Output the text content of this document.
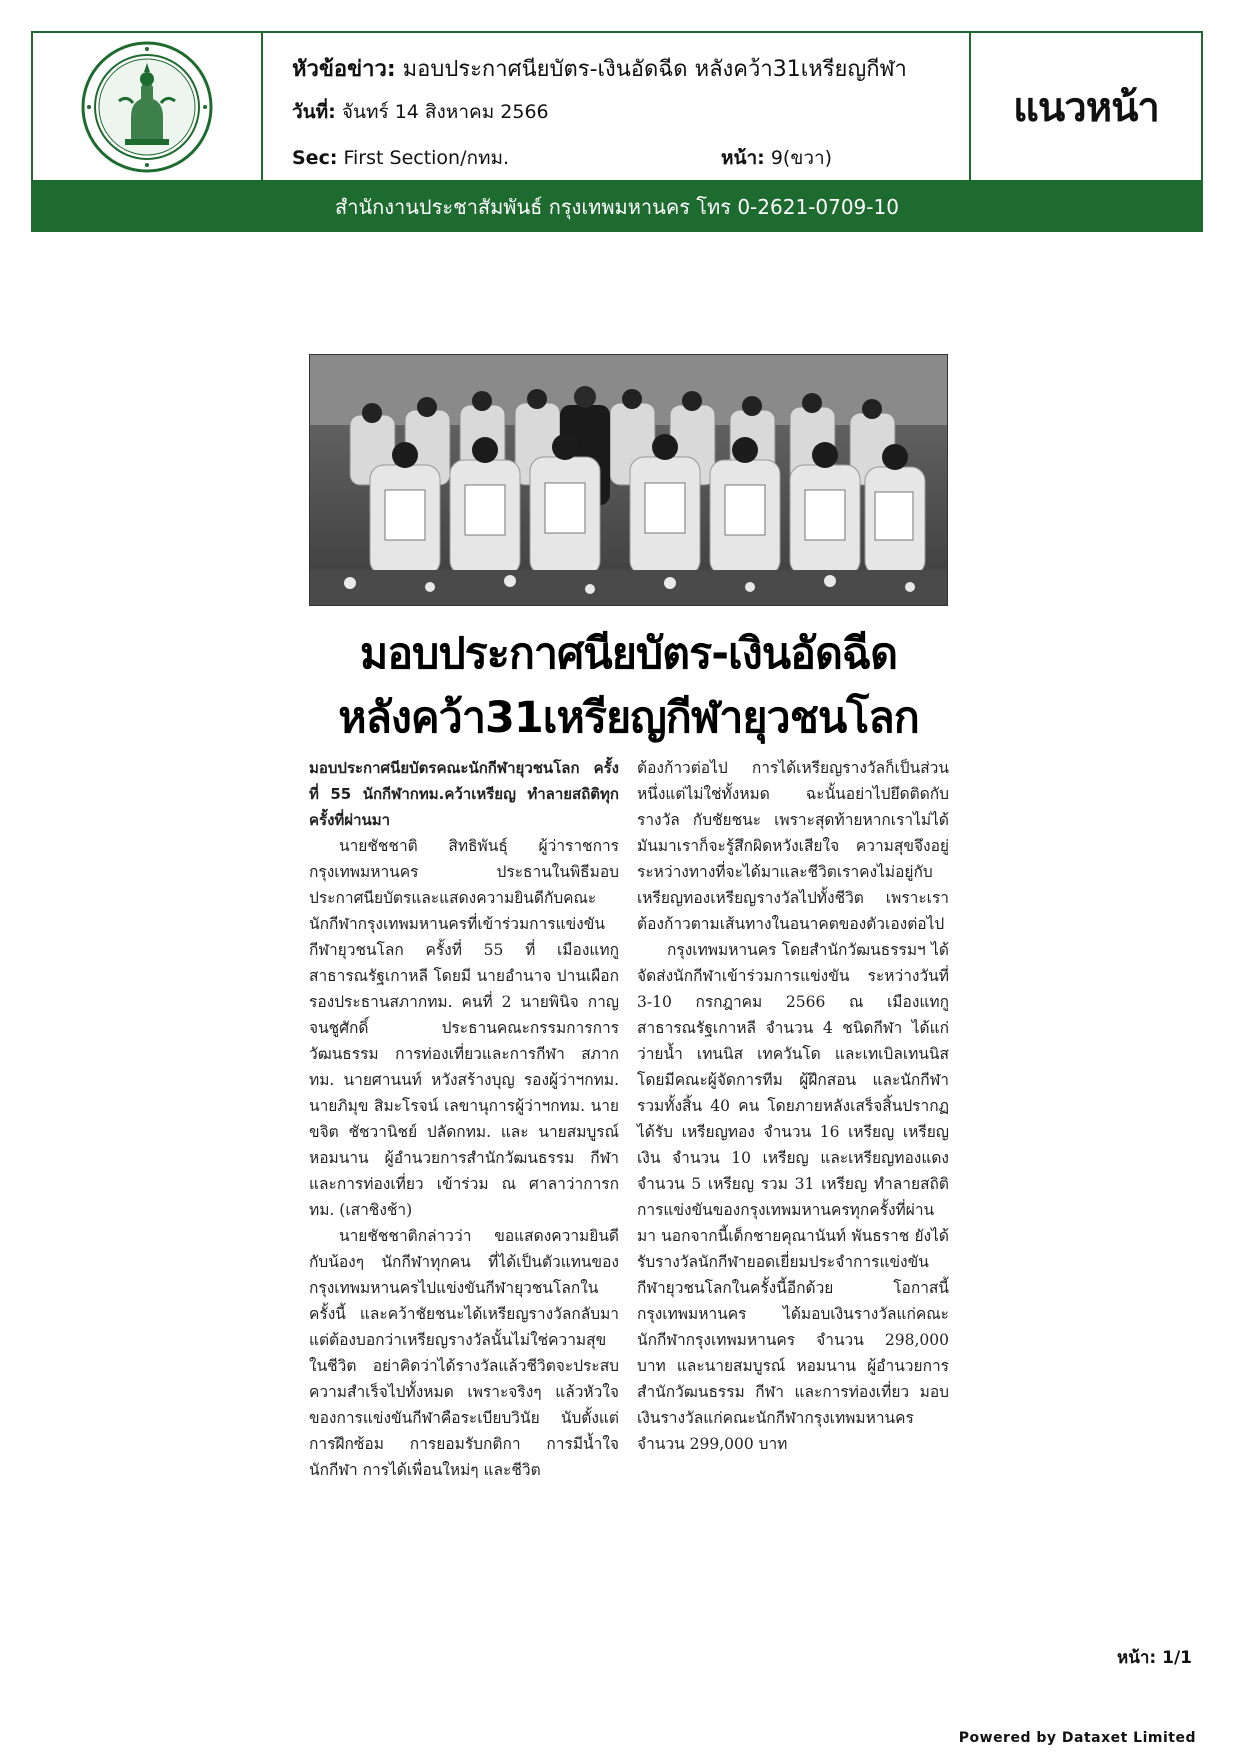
หัวข้อข่าว: มอบประกาศนียบัตร-เงินอัดฉีด หลังคว้า31เหรียญกีฬา
วันที่: จันทร์ 14 สิงหาคม 2566
Sec: First Section/กทม.	หน้า: 9(ขวา)
แนวหน้า
สำนักงานประชาสัมพันธ์ กรุงเทพมหานคร โทร 0-2621-0709-10
มอบประกาศนียบัตร-เงินอัดฉีด
หลังคว้า31เหรียญกีฬายุวชนโลก

มอบประกาศนียบัตรคณะนักกีฬายุวชนโลก ครั้งที่ 55 นักกีฬากทม.คว้าเหรียญ ทำลายสถิติทุกครั้งที่ผ่านมา

นายชัชชาติ สิทธิพันธุ์ ผู้ว่าราชการกรุงเทพมหานคร ประธานในพิธีมอบประกาศนียบัตรและแสดงความยินดีกับคณะนักกีฬากรุงเทพมหานครที่เข้าร่วมการแข่งขันกีฬายุวชนโลก ครั้งที่ 55 ที่ เมืองแทกู สาธารณรัฐเกาหลี โดยมี นายอำนาจ ปานเผือก รองประธานสภากทม. คนที่ 2 นายพินิจ กาญจนชูศักดิ์ ประธานคณะกรรมการการวัฒนธรรม การท่องเที่ยวและการกีฬา สภากทม. นายศานนท์ หวังสร้างบุญ รองผู้ว่าฯกทม. นายภิมุข สิมะโรจน์ เลขานุการผู้ว่าฯกทม. นายขจิต ชัชวานิชย์ ปลัดกทม. และ นายสมบูรณ์ หอมนาน ผู้อำนวยการสำนักวัฒนธรรม กีฬา และการท่องเที่ยว เข้าร่วม ณ ศาลาว่าการกทม. (เสาชิงช้า)

นายชัชชาติกล่าวว่า ขอแสดงความยินดีกับน้องๆ นักกีฬาทุกคน ที่ได้เป็นตัวแทนของกรุงเทพมหานครไปแข่งขันกีฬายุวชนโลกในครั้งนี้ และคว้าชัยชนะได้เหรียญรางวัลกลับมา แต่ต้องบอกว่าเหรียญรางวัลนั้นไม่ใช่ความสุขในชีวิต อย่าคิดว่าได้รางวัลแล้วชีวิตจะประสบความสำเร็จไปทั้งหมด เพราะจริงๆ แล้วหัวใจของการแข่งขันกีฬาคือระเบียบวินัย นับตั้งแต่การฝึกซ้อม การยอมรับกติกา การมีน้ำใจนักกีฬา การได้เพื่อนใหม่ๆ และชีวิต

ต้องก้าวต่อไป การได้เหรียญรางวัลก็เป็นส่วนหนึ่งแต่ไม่ใช่ทั้งหมด ฉะนั้นอย่าไปยึดติดกับรางวัล กับชัยชนะ เพราะสุดท้ายหากเราไม่ได้มันมาเราก็จะรู้สึกผิดหวังเสียใจ ความสุขจึงอยู่ระหว่างทางที่จะได้มาและชีวิตเราคงไม่อยู่กับเหรียญทองเหรียญรางวัลไปทั้งชีวิต เพราะเราต้องก้าวตามเส้นทางในอนาคตของตัวเองต่อไป

กรุงเทพมหานคร โดยสำนักวัฒนธรรมฯ ได้จัดส่งนักกีฬาเข้าร่วมการแข่งขัน ระหว่างวันที่ 3-10 กรกฎาคม 2566 ณ เมืองแทกู สาธารณรัฐเกาหลี จำนวน 4 ชนิดกีฬา ได้แก่ ว่ายน้ำ เทนนิส เทควันโด และเทเบิลเทนนิส โดยมีคณะผู้จัดการทีม ผู้ฝึกสอน และนักกีฬา รวมทั้งสิ้น 40 คน โดยภายหลังเสร็จสิ้นปรากฏได้รับ เหรียญทอง จำนวน 16 เหรียญ เหรียญเงิน จำนวน 10 เหรียญ และเหรียญทองแดง จำนวน 5 เหรียญ รวม 31 เหรียญ ทำลายสถิติการแข่งขันของกรุงเทพมหานครทุกครั้งที่ผ่านมา นอกจากนี้เด็กชายคุณานันท์ พันธราช ยังได้รับรางวัลนักกีฬายอดเยี่ยมประจำการแข่งขันกีฬายุวชนโลกในครั้งนี้อีกด้วย โอกาสนี้กรุงเทพมหานคร ได้มอบเงินรางวัลแก่คณะนักกีฬากรุงเทพมหานคร จำนวน 298,000 บาท และนายสมบูรณ์ หอมนาน ผู้อำนวยการสำนักวัฒนธรรม กีฬา และการท่องเที่ยว มอบเงินรางวัลแก่คณะนักกีฬากรุงเทพมหานคร จำนวน 299,000 บาท

หน้า: 1/1
Powered by Dataxet Limited
